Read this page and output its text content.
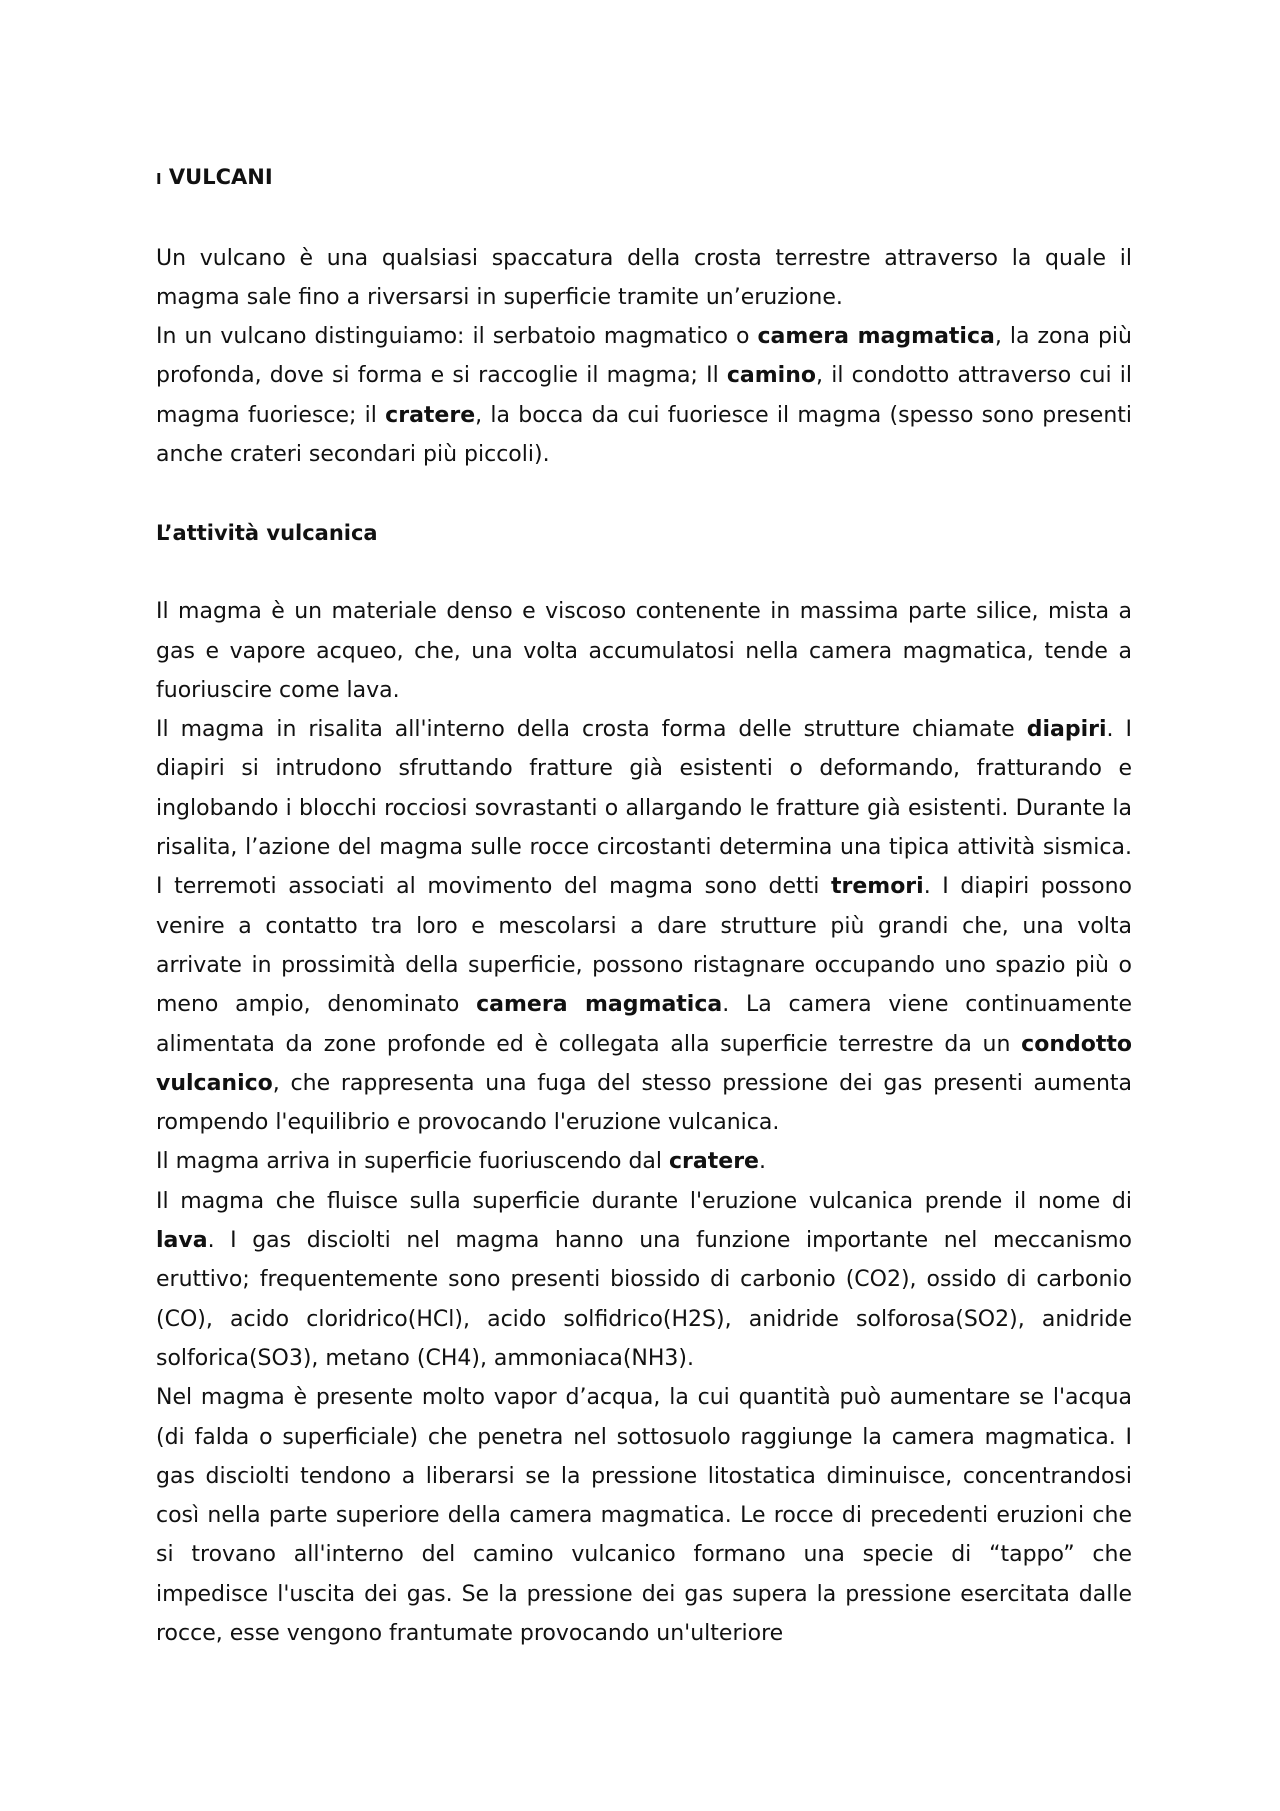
I VULCANI

Un vulcano è una qualsiasi spaccatura della crosta terrestre attraverso la quale il magma sale fino a riversarsi in superficie tramite un’eruzione.

In un vulcano distinguiamo: il serbatoio magmatico o camera magmatica, la zona più profonda, dove si forma e si raccoglie il magma; Il camino, il condotto attraverso cui il magma fuoriesce; il cratere, la bocca da cui fuoriesce il magma (spesso sono presenti anche crateri secondari più piccoli).

L’attività vulcanica

Il magma è un materiale denso e viscoso contenente in massima parte silice, mista a gas e vapore acqueo, che, una volta accumulatosi nella camera magmatica, tende a fuoriuscire come lava.

Il magma in risalita all'interno della crosta forma delle strutture chiamate diapiri. I diapiri si intrudono sfruttando fratture già esistenti o deformando, fratturando e inglobando i blocchi rocciosi sovrastanti o allargando le fratture già esistenti. Durante la risalita, l’azione del magma sulle rocce circostanti determina una tipica attività sismica. I terremoti associati al movimento del magma sono detti tremori. I diapiri possono venire a contatto tra loro e mescolarsi a dare strutture più grandi che, una volta arrivate in prossimità della superficie, possono ristagnare occupando uno spazio più o meno ampio, denominato camera magmatica. La camera viene continuamente alimentata da zone profonde ed è collegata alla superficie terrestre da un condotto vulcanico, che rappresenta una fuga del stesso pressione dei gas presenti aumenta rompendo l'equilibrio e provocando l'eruzione vulcanica.

Il magma arriva in superficie fuoriuscendo dal cratere.

Il magma che fluisce sulla superficie durante l'eruzione vulcanica prende il nome di lava. I gas disciolti nel magma hanno una funzione importante nel meccanismo eruttivo; frequentemente sono presenti biossido di carbonio (CO2), ossido di carbonio (CO), acido cloridrico(HCl), acido solfidrico(H2S), anidride solforosa(SO2), anidride solforica(SO3), metano (CH4), ammoniaca(NH3).

Nel magma è presente molto vapor d’acqua, la cui quantità può aumentare se l'acqua (di falda o superficiale) che penetra nel sottosuolo raggiunge la camera magmatica. I gas disciolti tendono a liberarsi se la pressione litostatica diminuisce, concentrandosi così nella parte superiore della camera magmatica. Le rocce di precedenti eruzioni che si trovano all'interno del camino vulcanico formano una specie di “tappo” che impedisce l'uscita dei gas. Se la pressione dei gas supera la pressione esercitata dalle rocce, esse vengono frantumate provocando un'ulteriore
